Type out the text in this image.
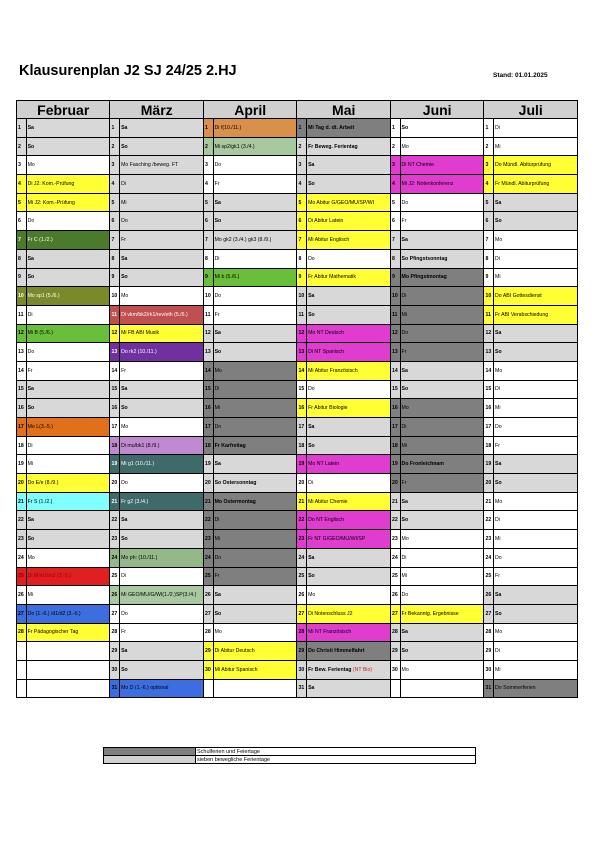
Klausurenplan J2 SJ 24/25 2.HJ	Stand: 01.01.2025
Februar		März		April		Mai		Juni		Juli	
1	Sa	1	Sa	1	Di f(10./11.)	1	Mi Tag d. dt. Arbeit	1	So	1	Di
2	So	2	So	2	Mi sp2/gk1 (3./4.)	2	Fr Beweg. Ferientag	2	Mo	2	Mi
3	Mo	3	Mo Fasching /beweg. FT	3	Do	3	Sa	3	Di NT Chemie	3	Do Mündl. Abiturprüfung
4	Di J2: Kom.-Prüfung	4	Di	4	Fr	4	So	4	Mi J2: Notenkonferenz	4	Fr Mündl. Abiturprüfung
5	Mi J2: Kom.-Prüfung	5	Mi	5	Sa	5	Mo Abitur G/GEO/MU/SP/WI	5	Do	5	Sa
6	Do	6	Do	6	So	6	Di Abitur Latein	6	Fr	6	So
7	Fr C (1./2.)	7	Fr	7	Mo gk2 (3./4.) gk3 (8./9.)	7	Mi Abitur Englisch	7	Sa	7	Mo
8	Sa	8	Sa	8	Di	8	Do	8	So Pfingstsonntag	8	Di
9	So	9	So	9	Mi b (5./6.)	9	Fr Abitur Mathematik	9	Mo Pfingstmontag	9	Mi
10	Mo sp1 (5./6.)	10	Mo	10	Do	10	Sa	10	Di	10	Do ABI Gottesdienst
11	Di	11	Di vkm/bk2/rk1/rev/eth (5./6.)	11	Fr	11	So	11	Mi	11	Fr ABI Verabschiedung
12	Mi B (5./6.)	12	Mi FB ABI Musik	12	Sa	12	Mo NT Deutsch	12	Do	12	Sa
13	Do	13	Do rk2 (10./11.)	13	So	13	Di NT Spanisch	13	Fr	13	So
14	Fr	14	Fr	14	Mo	14	Mi Abitur Französisch	14	Sa	14	Mo
15	Sa	15	Sa	15	Di	15	Do	15	So	15	Di
16	So	16	So	16	Mi	16	Fr Abitur Biologie	16	Mo	16	Mi
17	Mo L(3.-5.)	17	Mo	17	Do	17	Sa	17	Di	17	Do
18	Di	18	Di mu/bk1 (8./9.)	18	Fr Karfreitag	18	So	18	Mi	18	Fr
19	Mi	19	Mi g1 (10./11.)	19	Sa	19	Mo NT Latein	19	Do Fronleichnam	19	Sa
20	Do E/e (8./9.)	20	Do	20	So Ostersonntag	20	Di	20	Fr	20	So
21	Fr S (1./2.)	21	Fr g2 (3./4.)	21	Mo Ostermontag	21	Mi Abitur Chemie	21	Sa	21	Mo
22	Sa	22	Sa	22	Di	22	Do NT Englisch	22	So	22	Di
23	So	23	So	23	Mi	23	Fr NT G/GEO/MU/WI/SP	23	Mo	23	Mi
24	Mo	24	Mo ph: (10./11.)	24	Do	24	Sa	24	Di	24	Do
25	Di M/m1/m2 (3.-5.)	25	Di	25	Fr	25	So	25	Mi	25	Fr
26	Mi	26	Mi GEO/MU/G/WI(1./2.)SP(3./4.)	26	Sa	26	Mo	26	Do	26	Sa
27	Do (1.-6.) /d1/d2 (3.-6.)	27	Do	27	So	27	Di Notenschluss J2	27	Fr Bekanntg. Ergebnisse	27	So
28	Fr Pädagogischer Tag	28	Fr	28	Mo	28	Mi NT Französisch	28	Sa	28	Mo
		29	Sa	29	Di Abitur Deutsch	29	Do Christi Himmelfahrt	29	So	29	Di
		30	So	30	Mi Abitur Spanisch	30	Fr Bew. Ferientag (NT Bio)	30	Mo	30	Mi
		31	Mo D (1.-6.) optional			31	Sa			31	Do Sommerferien
	Schulferien und Feiertage
	sieben bewegliche Ferientage
